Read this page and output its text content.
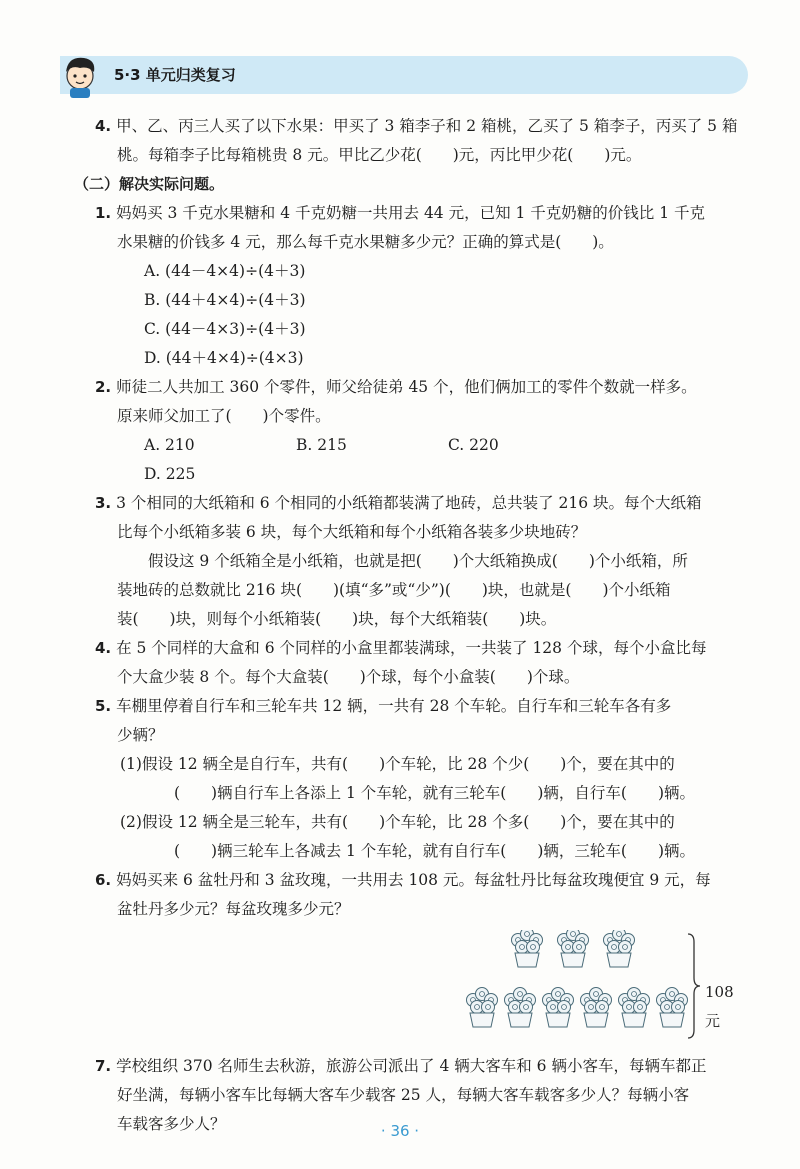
5·3 单元归类复习
4. 甲、乙、丙三人买了以下水果：甲买了 3 箱李子和 2 箱桃，乙买了 5 箱李子，丙买了 5 箱
桃。每箱李子比每箱桃贵 8 元。甲比乙少花(　　)元，丙比甲少花(　　)元。
（二）解决实际问题。
1. 妈妈买 3 千克水果糖和 4 千克奶糖一共用去 44 元，已知 1 千克奶糖的价钱比 1 千克
水果糖的价钱多 4 元，那么每千克水果糖多少元？正确的算式是(　　)。
A. (44－4×4)÷(4＋3)
B. (44＋4×4)÷(4＋3)
C. (44－4×3)÷(4＋3)
D. (44＋4×4)÷(4×3)
2. 师徒二人共加工 360 个零件，师父给徒弟 45 个，他们俩加工的零件个数就一样多。
原来师父加工了(　　)个零件。
A. 210	B. 215	C. 220
D. 225
3. 3 个相同的大纸箱和 6 个相同的小纸箱都装满了地砖，总共装了 216 块。每个大纸箱
比每个小纸箱多装 6 块，每个大纸箱和每个小纸箱各装多少块地砖？
假设这 9 个纸箱全是小纸箱，也就是把(　　)个大纸箱换成(　　)个小纸箱，所
装地砖的总数就比 216 块(　　)(填“多”或“少”)(　　)块，也就是(　　)个小纸箱
装(　　)块，则每个小纸箱装(　　)块，每个大纸箱装(　　)块。
4. 在 5 个同样的大盒和 6 个同样的小盒里都装满球，一共装了 128 个球，每个小盒比每
个大盒少装 8 个。每个大盒装(　　)个球，每个小盒装(　　)个球。
5. 车棚里停着自行车和三轮车共 12 辆，一共有 28 个车轮。自行车和三轮车各有多
少辆？
(1)假设 12 辆全是自行车，共有(　　)个车轮，比 28 个少(　　)个，要在其中的
(　　)辆自行车上各添上 1 个车轮，就有三轮车(　　)辆，自行车(　　)辆。
(2)假设 12 辆全是三轮车，共有(　　)个车轮，比 28 个多(　　)个，要在其中的
(　　)辆三轮车上各减去 1 个车轮，就有自行车(　　)辆，三轮车(　　)辆。
6. 妈妈买来 6 盆牡丹和 3 盆玫瑰，一共用去 108 元。每盆牡丹比每盆玫瑰便宜 9 元，每
盆牡丹多少元？每盆玫瑰多少元？
108 元
7. 学校组织 370 名师生去秋游，旅游公司派出了 4 辆大客车和 6 辆小客车，每辆车都正
好坐满，每辆小客车比每辆大客车少载客 25 人，每辆大客车载客多少人？每辆小客
车载客多少人？	· 36 ·
